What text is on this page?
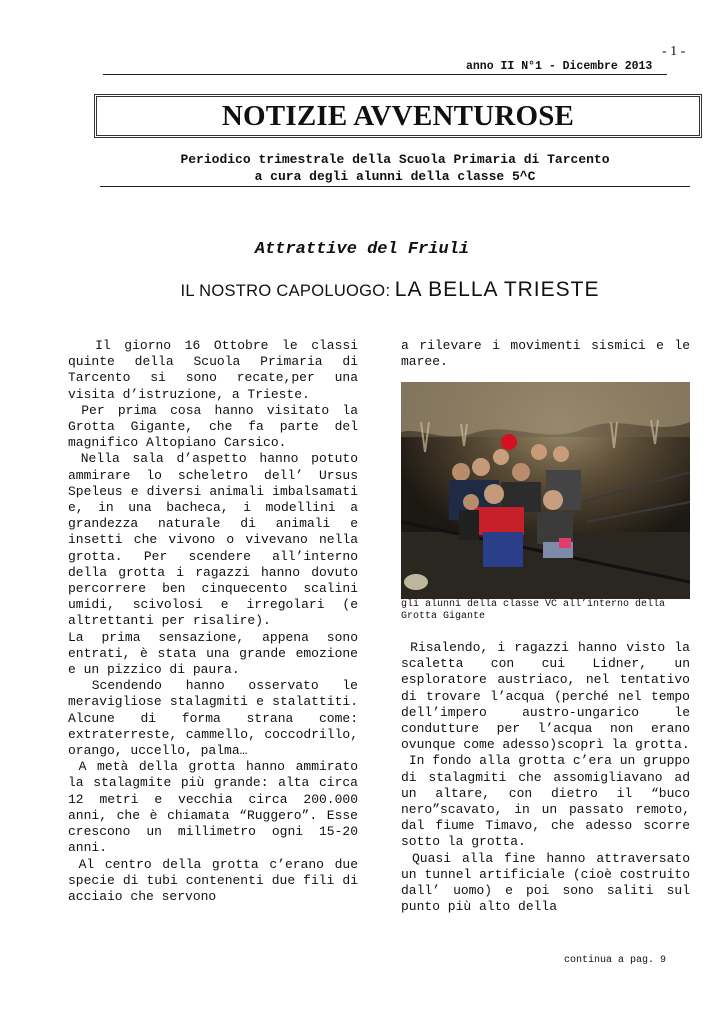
- 1 -
anno II N°1 - Dicembre 2013
NOTIZIE AVVENTUROSE
Periodico trimestrale della Scuola Primaria di Tarcento
a cura degli alunni della classe 5^C
Attrattive del Friuli
IL NOSTRO CAPOLUOGO: LA BELLA TRIESTE

Il giorno 16 Ottobre le classi quinte della Scuola Primaria di Tarcento si sono recate,per una visita d’istruzione, a Trieste.

Per prima cosa hanno visitato la Grotta Gigante, che fa parte del magnifico Altopiano Carsico.

Nella sala d’aspetto hanno potuto ammirare lo scheletro dell’ Ursus Speleus e diversi animali imbalsamati e, in una bacheca, i modellini a grandezza naturale di animali e insetti che vivono o vivevano nella grotta. Per scendere all’interno della grotta i ragazzi hanno dovuto percorrere ben cinquecento scalini umidi, scivolosi e irregolari (e altrettanti per risalire).

La prima sensazione, appena sono entrati, è stata una grande emozione e un pizzico di paura.

Scendendo hanno osservato le meravigliose stalagmiti e stalattiti. Alcune di forma strana come: extraterreste, cammello, coccodrillo, orango, uccello, palma…

A metà della grotta hanno ammirato la stalagmite più grande: alta circa 12 metri e vecchia circa 200.000 anni, che è chiamata “Ruggero”. Esse crescono un millimetro ogni 15-20 anni.

Al centro della grotta c’erano due specie di tubi contenenti due fili di acciaio che servono

a rilevare i movimenti sismici e le maree.

gli alunni della classe VC all’interno della Grotta Gigante

Risalendo, i ragazzi hanno visto la scaletta con cui Lidner, un esploratore austriaco, nel tentativo di trovare l’acqua (perché nel tempo dell’impero austro-ungarico le condutture per l’acqua non erano ovunque come adesso)scoprì la grotta.

In fondo alla grotta c’era un gruppo di stalagmiti che assomigliavano ad un altare, con dietro il “buco nero”scavato, in un passato remoto, dal fiume Timavo, che adesso scorre sotto la grotta.

Quasi alla fine hanno attraversato un tunnel artificiale (cioè costruito dall’ uomo) e poi sono saliti sul punto più alto della

continua a pag. 9
